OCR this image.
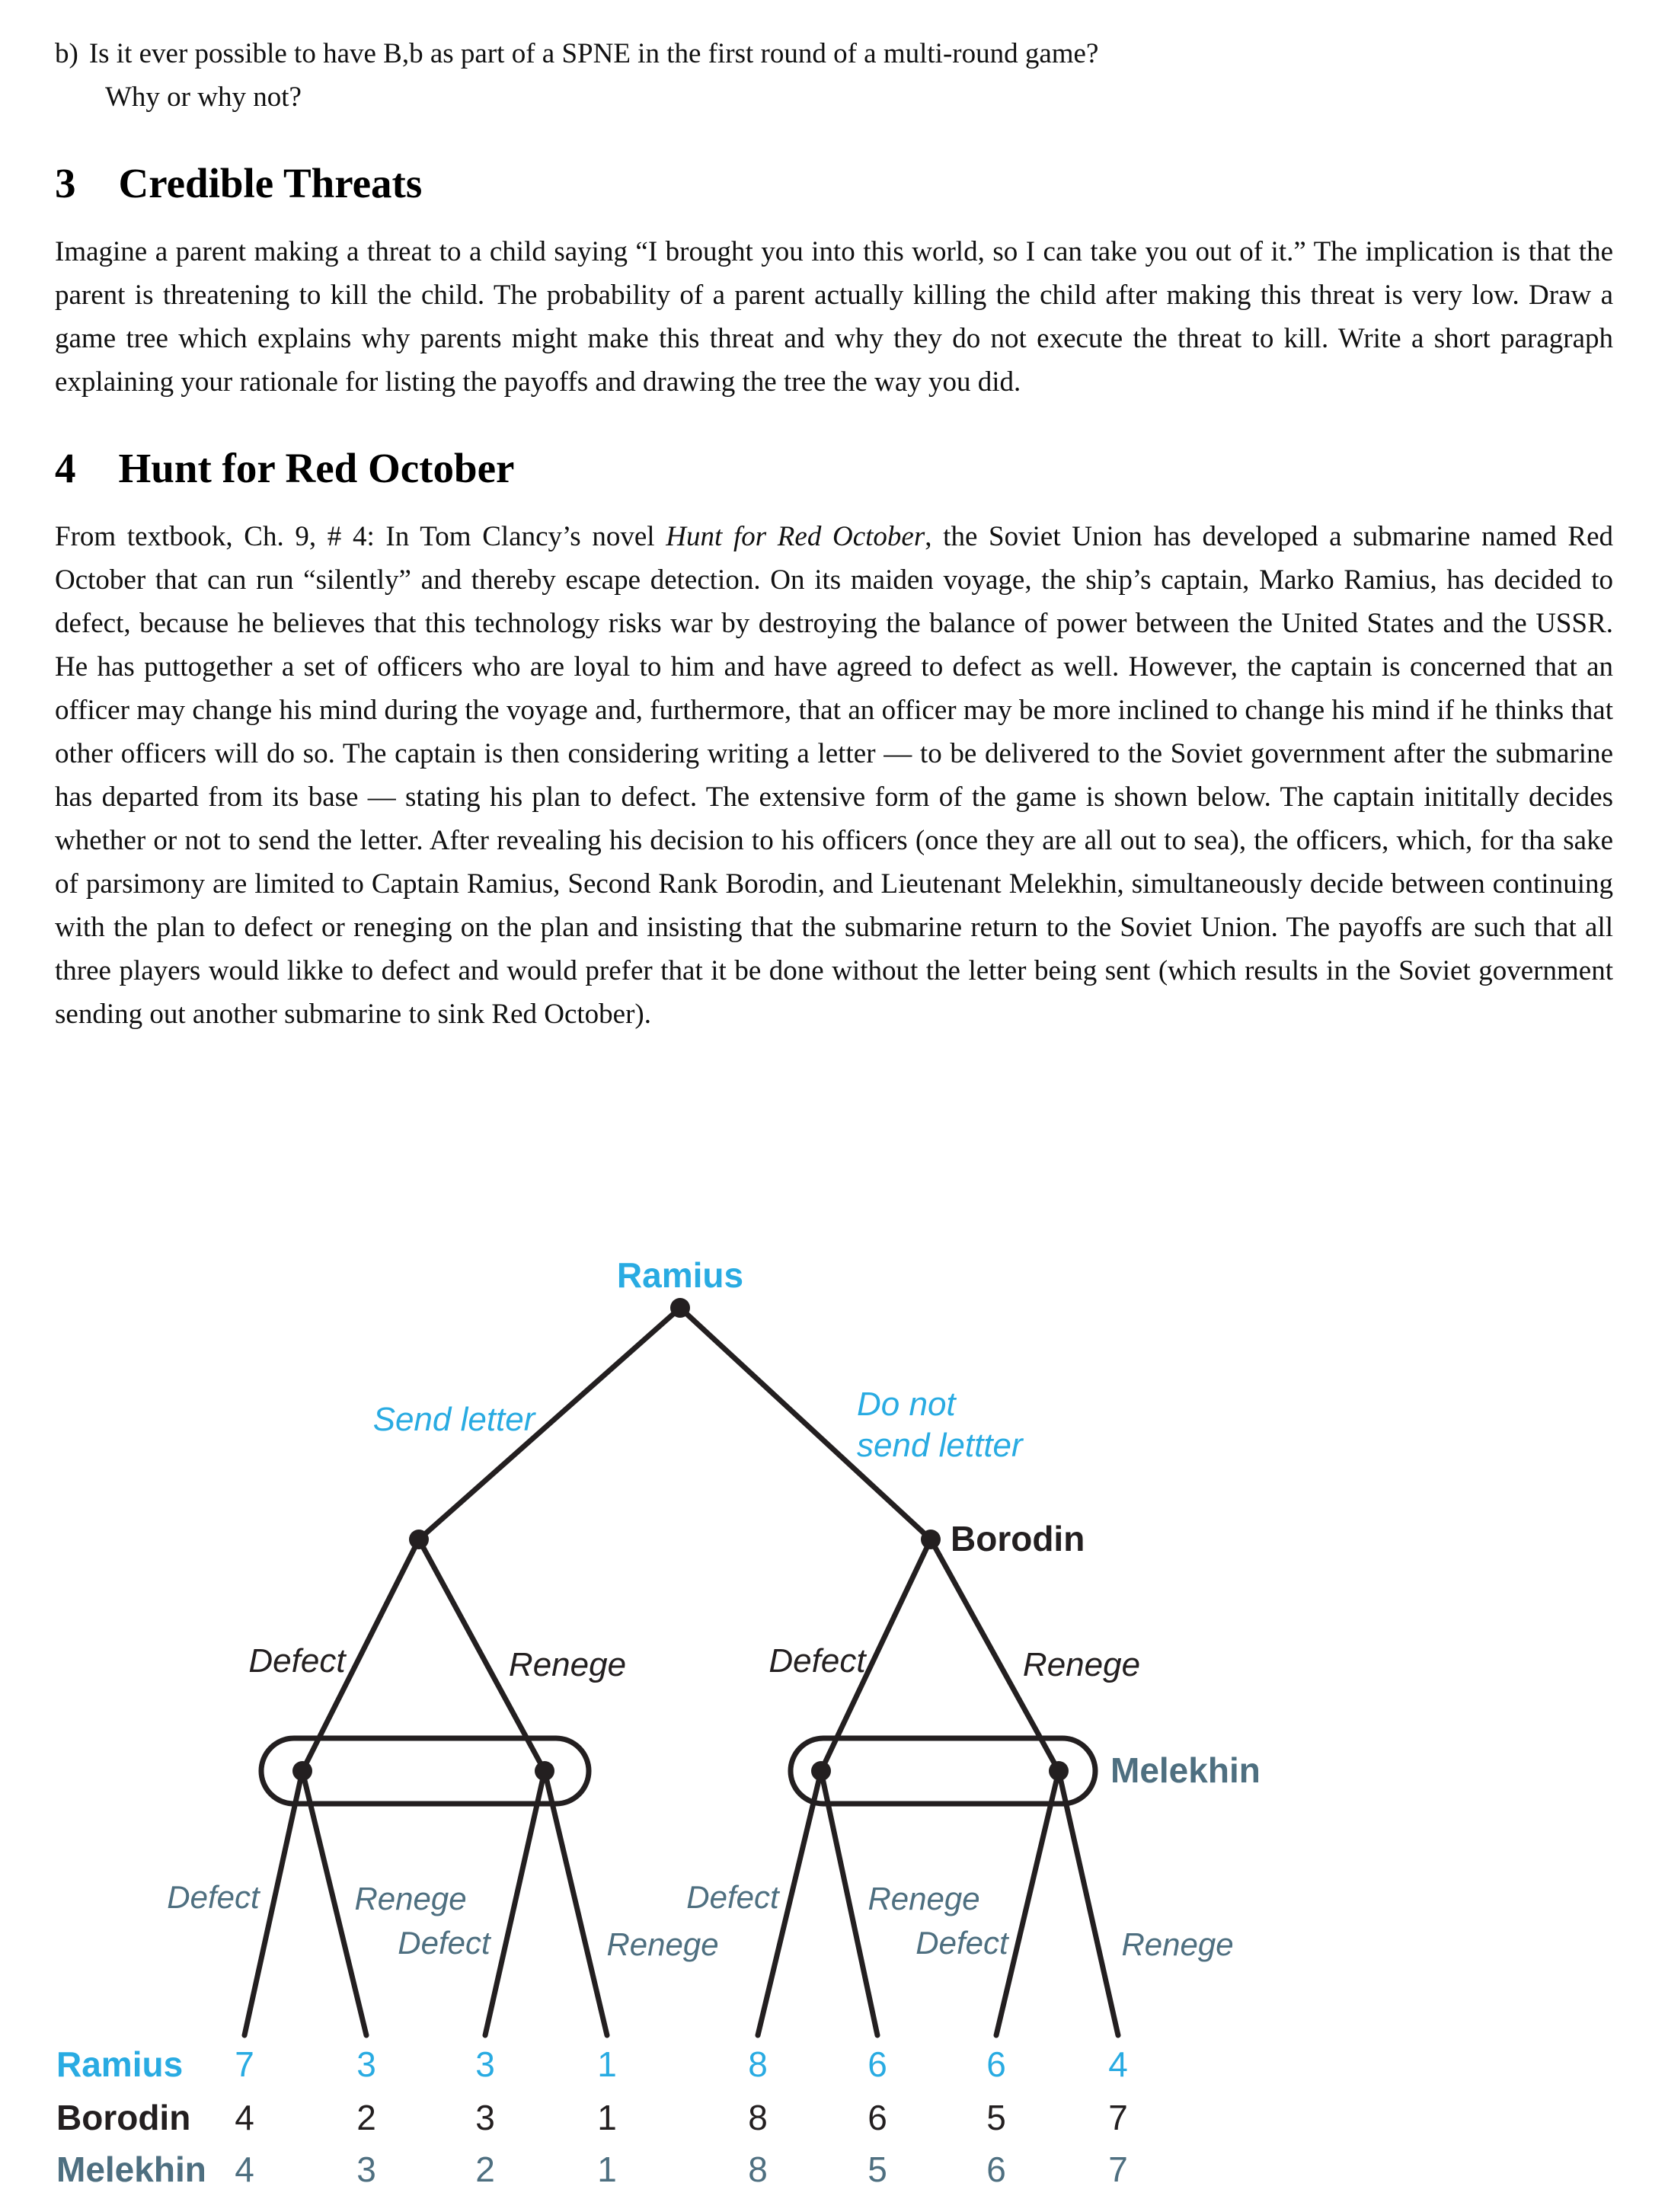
b) Is it ever possible to have B,b as part of a SPNE in the first round of a multi-round game?
Why or why not?
3 Credible Threats

Imagine a parent making a threat to a child saying “I brought you into this world, so I can take you out of it.” The implication is that the parent is threatening to kill the child. The probability of a parent actually killing the child after making this threat is very low. Draw a game tree which explains why parents might make this threat and why they do not execute the threat to kill. Write a short paragraph explaining your rationale for listing the payoffs and drawing the tree the way you did.

4 Hunt for Red October

From textbook, Ch. 9, # 4: In Tom Clancy’s novel Hunt for Red October, the Soviet Union has developed a submarine named Red October that can run “silently” and thereby escape detection. On its maiden voyage, the ship’s captain, Marko Ramius, has decided to defect, because he believes that this technology risks war by destroying the balance of power between the United States and the USSR. He has puttogether a set of officers who are loyal to him and have agreed to defect as well. However, the captain is concerned that an officer may change his mind during the voyage and, furthermore, that an officer may be more inclined to change his mind if he thinks that other officers will do so. The captain is then considering writing a letter — to be delivered to the Soviet government after the submarine has departed from its base — stating his plan to defect. The extensive form of the game is shown below. The captain inititally decides whether or not to send the letter. After revealing his decision to his officers (once they are all out to sea), the officers, which, for tha sake of parsimony are limited to Captain Ramius, Second Rank Borodin, and Lieutenant Melekhin, simultaneously decide between continuing with the plan to defect or reneging on the plan and insisting that the submarine return to the Soviet Union. The payoffs are such that all three players would likke to defect and would prefer that it be done without the letter being sent (which results in the Soviet government sending out another submarine to sink Red October).

Ramius
Borodin
Melekhin
Send letter	Do not
send lettter
Defect	Renege	Defect	Renege
Defect	Renege
Defect	Renege
Defect	Renege
Defect	Renege
Ramius 7	3	3	1	8	6	6	4
Borodin 4	2	3	1	8	6	5	7
Melekhin 4	3	2	1	8	5	6	7
